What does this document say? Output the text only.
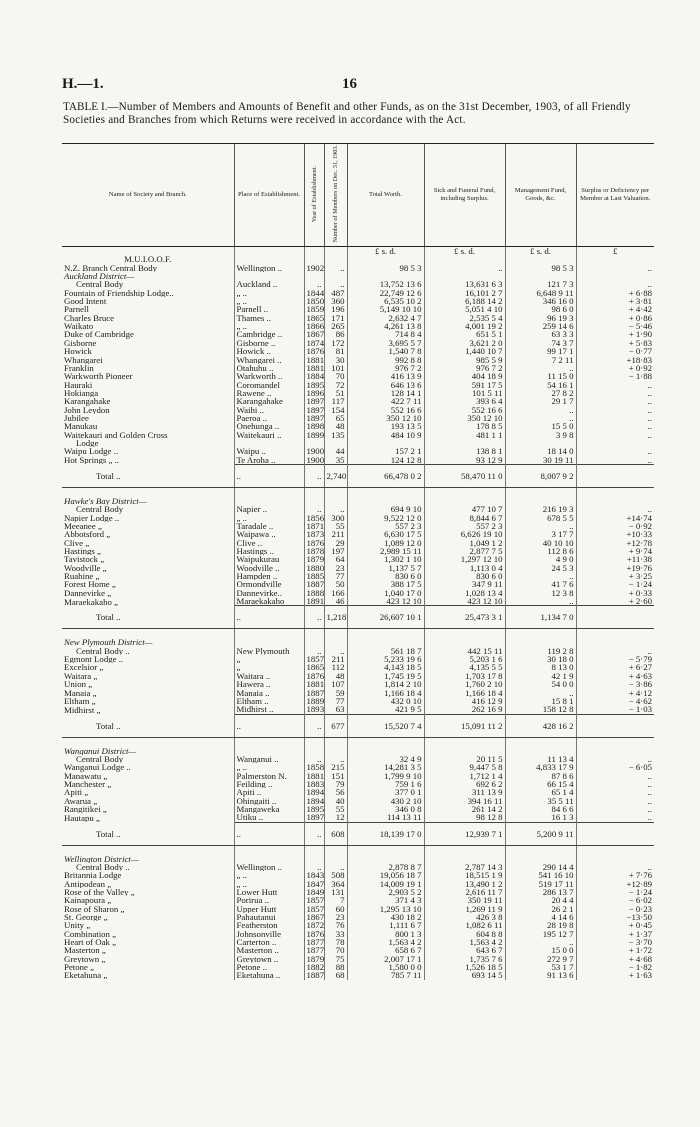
H.—1.	16
TABLE I.—Number of Members and Amounts of Benefit and other Funds, as on the 31st December, 1903, of all Friendly Societies and Branches from which Returns were received in accordance with the Act.
Name of Society and Branch.	Place of Establishment.	Year of Establishment.	Number of Members on Dec. 31, 1903.	Total Worth.	Sick and Funeral Fund, including Surplus.	Management Fund, Goods, &c.	Surplus or Deficiency per Member at Last Valuation.
				£ s. d.	£ s. d.	£ s. d.	£
M.U.I.O.O.F.							
N.Z. Branch Central Body	Wellington ..	1902	..	98 5 3	..	98 5 3	..
Auckland District—							
Central Body	Auckland ..	..	..	13,752 13 6	13,631 6 3	121 7 3	..
Fountain of Friendship Lodge..	„ ..	1844	487	22,749 12 6	16,101 2 7	6,648 9 11	+ 6·88
Good Intent	„ ..	1850	360	6,535 10 2	6,188 14 2	346 16 0	+ 3·81
Parnell	Parnell ..	1859	196	5,149 10 10	5,051 4 10	98 6 0	+ 4·42
Charles Bruce	Thames ..	1865	171	2,632 4 7	2,535 5 4	96 19 3	+ 0·86
Waikato	„ ..	1866	265	4,261 13 8	4,001 19 2	259 14 6	− 5·46
Duke of Cambridge	Cambridge ..	1867	86	714 8 4	651 5 1	63 3 3	+ 1·90
Gisborne	Gisborne ..	1874	172	3,695 5 7	3,621 2 0	74 3 7	+ 5·83
Howick	Howick ..	1876	81	1,540 7 8	1,440 10 7	99 17 1	− 0·77
Whangarei	Whangarei ..	1881	30	992 8 8	985 5 9	7 2 11	+18·83
Franklin	Otahuhu ..	1881	101	976 7 2	976 7 2	..	+ 0·92
Warkworth Pioneer	Warkworth ..	1884	70	416 13 9	404 18 9	11 15 0	− 1·88
Hauraki	Coromandel	1895	72	646 13 6	591 17 5	54 16 1	..
Hokianga	Rawene ..	1896	51	128 14 1	101 5 11	27 8 2	..
Karangahake	Karangahake	1897	117	422 7 11	393 6 4	29 1 7	..
John Leydon	Waihi ..	1897	154	552 16 6	552 16 6	..	..
Jubilee	Paeroa ..	1897	65	350 12 10	350 12 10	..	..
Manukau	Onehunga ..	1898	48	193 13 5	178 8 5	15 5 0	..
Waitekauri and Golden Cross	Waitekauri ..	1899	135	484 10 9	481 1 1	3 9 8	..
Lodge							
Waipu Lodge ..	Waipu ..	1900	44	157 2 1	138 8 1	18 14 0	..
Hot Springs „ ..	Te Aroha ..	1900	35	124 12 8	93 12 9	30 19 11	..
Total ..	..	..	2,740	66,478 0 2	58,470 11 0	8,007 9 2	

Hawke's Bay District—							
Central Body	Napier ..	..	..	694 9 10	477 10 7	216 19 3	..
Napier Lodge ..	„ ..	1856	300	9,522 12 0	8,844 6 7	678 5 5	+14·74
Meeanee „	Taradale ..	1871	55	557 2 3	557 2 3	..	− 0·92
Abbotsford „	Waipawa ..	1873	211	6,630 17 5	6,626 19 10	3 17 7	+10·33
Clive „	Clive ..	1876	29	1,089 12 0	1,049 1 2	40 10 10	+12·78
Hastings „	Hastings ..	1878	197	2,989 15 11	2,877 7 5	112 8 6	+ 9·74
Tavistock „	Waipukurau	1879	64	1,302 1 10	1,297 12 10	4 9 0	+11·38
Woodville „	Woodville ..	1880	23	1,137 5 7	1,113 0 4	24 5 3	+19·76
Ruahine „	Hampden ..	1885	77	830 6 0	830 6 0	..	+ 3·25
Forest Home „	Ormondville	1887	50	388 17 5	347 9 11	41 7 6	− 1·24
Dannevirke „	Dannevirke..	1888	166	1,040 17 0	1,028 13 4	12 3 8	+ 0·33
Maraekakaho „	Maraekakaho	1891	46	423 12 10	423 12 10	..	+ 2·60
Total ..	..	..	1,218	26,607 10 1	25,473 3 1	1,134 7 0	

New Plymouth District—							
Central Body ..	New Plymouth	..	..	561 18 7	442 15 11	119 2 8	..
Egmont Lodge ..	„	1857	211	5,233 19 6	5,203 1 6	30 18 0	− 5·79
Excelsior „	„	1865	112	4,143 18 5	4,135 5 5	8 13 0	+ 6·27
Waitara „	Waitara ..	1876	48	1,745 19 5	1,703 17 8	42 1 9	+ 4·63
Union „	Hawera ..	1881	107	1,814 2 10	1,760 2 10	54 0 0	− 3·86
Manaia „	Manaia ..	1887	59	1,166 18 4	1,166 18 4	..	+ 4·12
Eltham „	Eltham ..	1889	77	432 0 10	416 12 9	15 8 1	− 4·62
Midhirst „	Midhirst ..	1893	63	421 9 5	262 16 9	158 12 8	− 1·03
Total ..	..	..	677	15,520 7 4	15,091 11 2	428 16 2	

Wanganui District—							
Central Body	Wanganui ..	..	..	32 4 9	20 11 5	11 13 4	..
Wanganui Lodge ..	„ ..	1858	215	14,281 3 5	9,447 5 8	4,833 17 9	− 6·05
Manawatu „	Palmerston N.	1881	151	1,799 9 10	1,712 1 4	87 8 6	..
Manchester „	Feilding ..	1883	79	759 1 6	692 6 2	66 15 4	..
Apiti „	Apiti ..	1894	56	377 0 1	311 13 9	65 1 4	..
Awarua „	Ohingaiti ..	1894	40	430 2 10	394 16 11	35 5 11	..
Rangitikei „	Mangaweka	1895	55	346 0 8	261 14 2	84 6 6	..
Hautapu „	Utiku ..	1897	12	114 13 11	98 12 8	16 1 3	..
Total ..	..	..	608	18,139 17 0	12,939 7 1	5,200 9 11	

Wellington District—							
Central Body ..	Wellington ..	..	..	2,878 8 7	2,787 14 3	290 14 4	..
Britannia Lodge	„ ..	1843	508	19,056 18 7	18,515 1 9	541 16 10	+ 7·76
Antipodean „	„ ..	1847	364	14,009 19 1	13,490 1 2	519 17 11	+12·89
Rose of the Valley „	Lower Hutt	1849	131	2,903 5 2	2,616 11 7	286 13 7	− 1·24
Kainapoura „	Porirua ..	1857	7	371 4 3	350 19 11	20 4 4	− 6·02
Rose of Sharon „	Upper Hutt	1857	60	1,295 13 10	1,269 11 9	26 2 1	− 0·23
St. George „	Pahautanui	1867	23	430 18 2	426 3 8	4 14 6	−13·50
Unity „	Featherston	1872	76	1,111 6 7	1,082 6 11	28 19 8	+ 0·45
Combination „	Johnsonville	1876	33	800 1 3	604 8 8	195 12 7	+ 1·37
Heart of Oak „	Carterton ..	1877	78	1,563 4 2	1,563 4 2	..	− 3·70
Masterton „	Masterton ..	1877	70	658 6 7	643 6 7	15 0 0	+ 1·72
Greytown „	Greytown ..	1879	75	2,007 17 1	1,735 7 6	272 9 7	+ 4·68
Petone „	Petone ..	1882	88	1,580 0 0	1,526 18 5	53 1 7	− 1·82
Eketahuna „	Eketahuna ..	1887	68	785 7 11	693 14 5	91 13 6	+ 1·63
